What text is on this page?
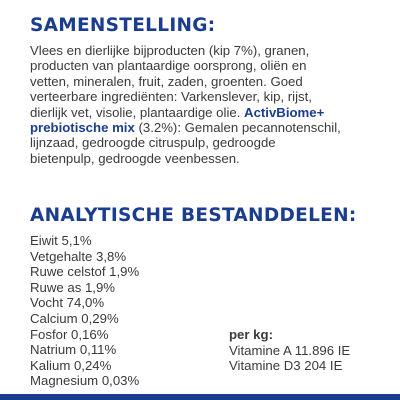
SAMENSTELLING:

Vlees en dierlijke bijproducten (kip 7%), granen,
producten van plantaardige oorsprong, oliën en
vetten, mineralen, fruit, zaden, groenten. Goed
verteerbare ingrediënten: Varkenslever, kip, rijst,
dierlijk vet, visolie, plantaardige olie. ActivBiome+
prebiotische mix (3.2%): Gemalen pecannotenschil,
lijnzaad, gedroogde citruspulp, gedroogde
bietenpulp, gedroogde veenbessen.

ANALYTISCHE BESTANDDELEN:
Eiwit 5,1%
Vetgehalte 3,8%
Ruwe celstof 1,9%
Ruwe as 1,9%
Vocht 74,0%
Calcium 0,29%
Fosfor 0,16%
Natrium 0,11%
Kalium 0,24%
Magnesium 0,03%
per kg:
Vitamine A 11.896 IE
Vitamine D3 204 IE
